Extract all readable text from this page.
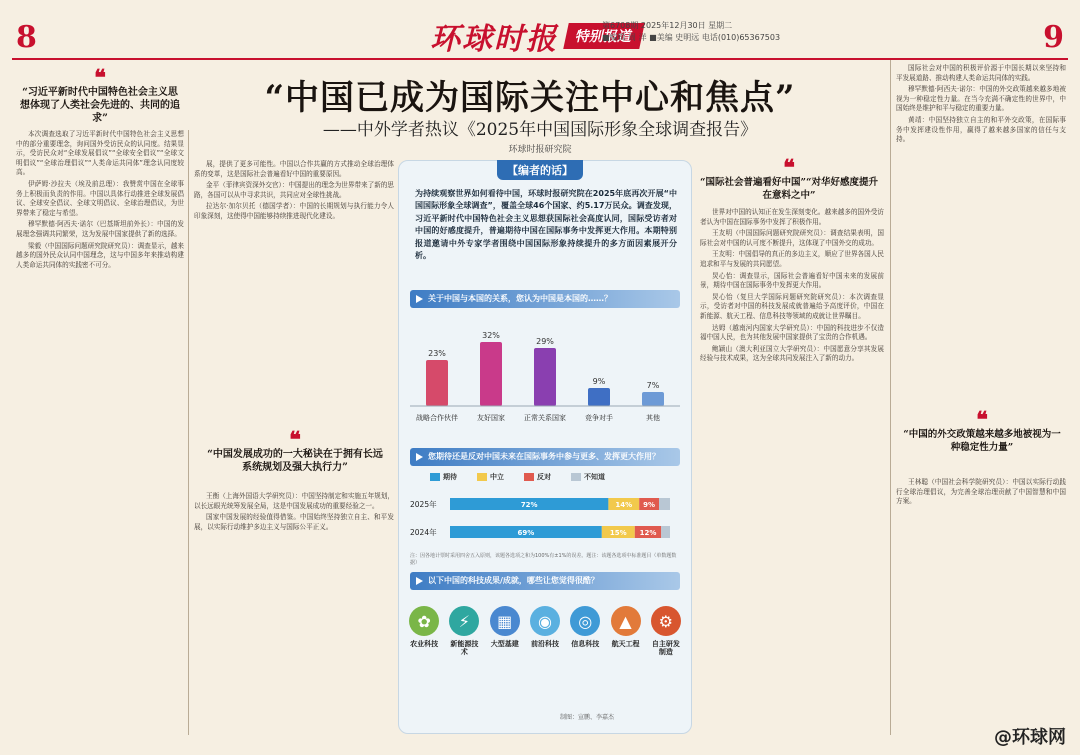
8	9
环球时报	特别报道
第6708期 2025年12月30日 星期二
■编辑 周 洋 ■美编 史明远 电话(010)65367503
“中国已成为国际关注中心和焦点”
——中外学者热议《2025年中国国际形象全球调查报告》
环球时报研究院
❝
“习近平新时代中国特色社会主义思想体现了人类社会先进的、共同的追求”

本次调查选取了习近平新时代中国特色社会主义思想中的部分重要理念，询问国外受访民众的认同度。结果显示，受访民众对“全球发展倡议”“全球安全倡议”“全球文明倡议”“全球治理倡议”“人类命运共同体”理念认同度较高。

伊萨姆·沙拉夫（埃及前总理）：我赞赏中国在全球事务上积极而负责的作用。中国以具体行动推进全球发展倡议、全球安全倡议、全球文明倡议、全球治理倡议，为世界带来了稳定与希望。

穆罕默德·阿西夫·诺尔（巴基斯坦前外长）：中国的发展理念强调共同繁荣，这为发展中国家提供了新的选择。

梁毅（中国国际问题研究院研究员）：调查显示，越来越多的国外民众认同中国理念，这与中国多年来推动构建人类命运共同体的实践密不可分。

展，提供了更多可能性。中国以合作共赢的方式推动全球治理体系的变革，这是国际社会普遍看好中国的重要原因。

金平（菲律宾资深外交官）：中国提出的理念为世界带来了新的思路，各国可以从中寻求共识，共同应对全球性挑战。

拉达尔·加尔贝托（德国学者）：中国的长期规划与执行能力令人印象深刻，这使得中国能够持续推进现代化建设。

❝
“中国发展成功的一大秘诀在于拥有长远系统规划及强大执行力”

王衡（上海外国语大学研究员）：中国坚持制定和实施五年规划，以长远眼光统筹发展全局，这是中国发展成功的重要经验之一。

国家中国发展的经验值得借鉴。中国始终坚持独立自主、和平发展，以实际行动维护多边主义与国际公平正义。

【编者的话】
为持续观察世界如何看待中国，环球时报研究院在2025年底再次开展“中国国际形象全球调查”，覆盖全球46个国家、约5.17万民众。调查发现，习近平新时代中国特色社会主义思想获国际社会高度认同，国际受访者对中国的好感度提升，普遍期待中国在国际事务中发挥更大作用。本期特别报道邀请中外专家学者围绕中国国际形象持续提升的多方面因素展开分析。
关于中国与本国的关系，您认为中国是本国的……？
23%
战略合作伙伴
32%
友好国家
29%
正常关系国家
9%
竞争对手
7%
其他
您期待还是反对中国未来在国际事务中参与更多、发挥更大作用？
期待	中立	反对	不知道
2025年	72%	14% 9%
2024年	69%	15% 12%
注：因各地计票时采用四舍五入原则，该题各选项之和为100%有±1%的误差。题注：该题各选项中标准题目（单数题数据）
以下中国的科技成果/成就，哪些让您觉得很酷？
✿
农业科技
⚡
新能源技术
▦
大型基建
◉
前沿科技
◎
信息科技
▲
航天工程
⚙
自主研发制造
制图：宣鹏、李嘉杰
❝
“国际社会普遍看好中国”“对华好感度提升在意料之中”

世界对中国的认知正在发生深刻变化。越来越多的国外受访者认为中国在国际事务中发挥了积极作用。

王友明（中国国际问题研究院研究员）：调查结果表明，国际社会对中国的认可度不断提升，这体现了中国外交的成功。

王友明：中国倡导的真正的多边主义，顺应了世界各国人民追求和平与发展的共同愿望。

炅心怡：调查显示，国际社会普遍看好中国未来的发展前景，期待中国在国际事务中发挥更大作用。

炅心怡（复旦大学国际问题研究院研究员）：本次调查显示，受访者对中国的科技发展成就普遍给予高度评价，中国在新能源、航天工程、信息科技等领域的成就让世界瞩目。

达姆（越南河内国家大学研究员）：中国的科技进步不仅造福中国人民，也为其他发展中国家提供了宝贵的合作机遇。

鲍颖山（澳大利亚国立大学研究员）：中国愿意分享其发展经验与技术成果，这为全球共同发展注入了新的动力。

国际社会对中国的积极评价源于中国长期以来坚持和平发展道路、推动构建人类命运共同体的实践。

穆罕默德·阿西夫·诺尔：中国的外交政策越来越多地被视为一种稳定性力量。在当今充满不确定性的世界中，中国始终是维护和平与稳定的重要力量。

黄靖：中国坚持独立自主的和平外交政策，在国际事务中发挥建设性作用，赢得了越来越多国家的信任与支持。

❝
“中国的外交政策越来越多地被视为一种稳定性力量”

王林聪（中国社会科学院研究员）：中国以实际行动践行全球治理倡议，为完善全球治理贡献了中国智慧和中国方案。

@环球网
